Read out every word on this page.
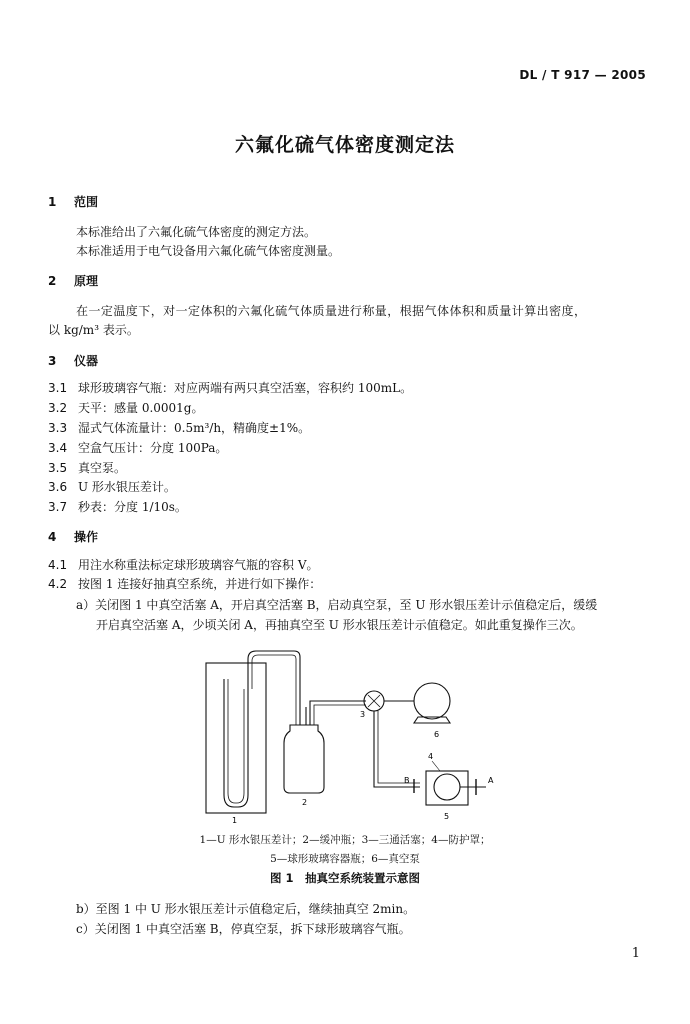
DL / T 917 — 2005
六氟化硫气体密度测定法
1 范围
本标准给出了六氟化硫气体密度的测定方法。
本标准适用于电气设备用六氟化硫气体密度测量。
2 原理
在一定温度下，对一定体积的六氟化硫气体质量进行称量，根据气体体积和质量计算出密度，
以 kg/m³ 表示。
3 仪器
3.1 球形玻璃容气瓶：对应两端有两只真空活塞，容积约 100mL。
3.2 天平：感量 0.0001g。
3.3 湿式气体流量计：0.5m³/h，精确度±1%。
3.4 空盒气压计：分度 100Pa。
3.5 真空泵。
3.6 U 形水银压差计。
3.7 秒表：分度 1/10s。
4 操作
4.1 用注水称重法标定球形玻璃容气瓶的容积 V。
4.2 按图 1 连接好抽真空系统，并进行如下操作：
a）关闭图 1 中真空活塞 A，开启真空活塞 B，启动真空泵，至 U 形水银压差计示值稳定后，缓缓
开启真空活塞 A，少顷关闭 A，再抽真空至 U 形水银压差计示值稳定。如此重复操作三次。
1
2
3
4
5
6
B	A
1—U 形水银压差计；2—缓冲瓶；3—三通活塞；4—防护罩；
5—球形玻璃容器瓶；6—真空泵
图 1　抽真空系统装置示意图
b）至图 1 中 U 形水银压差计示值稳定后，继续抽真空 2min。
c）关闭图 1 中真空活塞 B，停真空泵，拆下球形玻璃容气瓶。
1
